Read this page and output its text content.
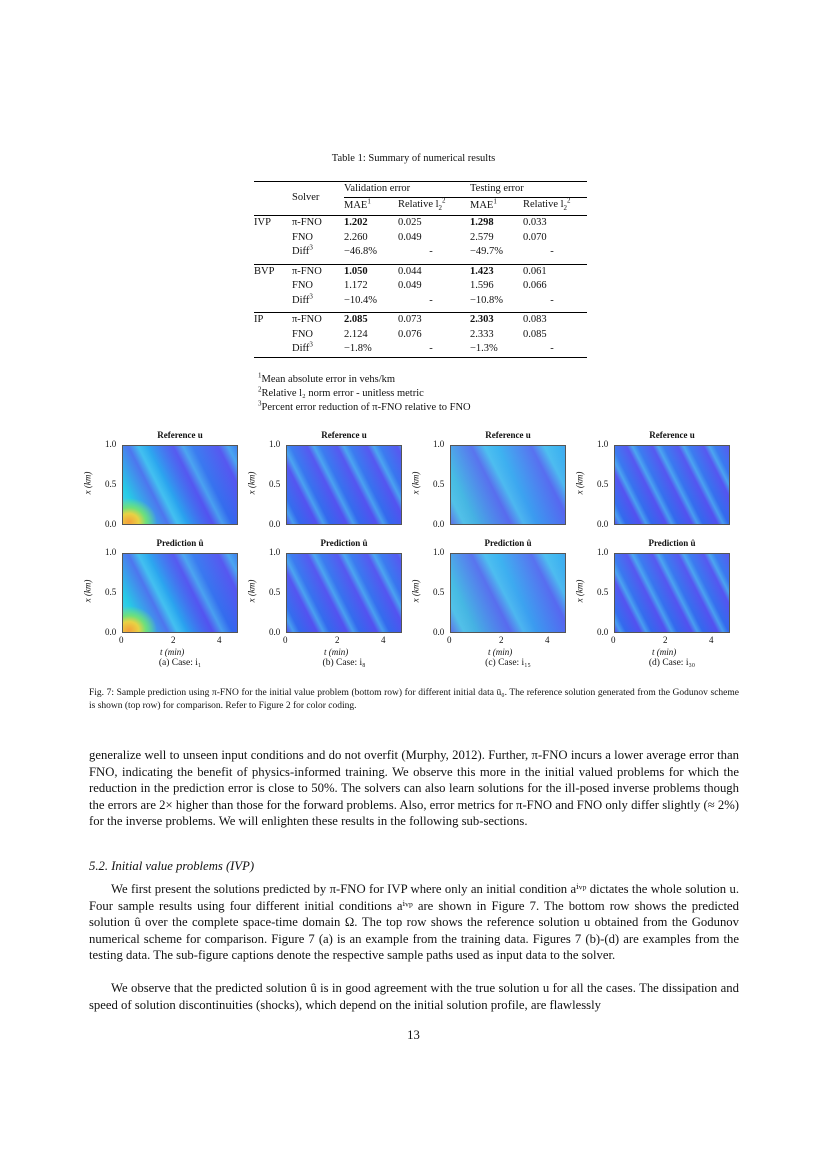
Table 1: Summary of numerical results
	Solver	Validation error		Testing error	
		MAE$^1$	Relative $l_2^2$	MAE$^1$	Relative $l_2^2$
IVP	π-FNO	1.202	0.025	1.298	0.033
	FNO	2.260	0.049	2.579	0.070
	Diff$^3$	−46.8%	-	−49.7%	-

BVP	π-FNO	1.050	0.044	1.423	0.061
	FNO	1.172	0.049	1.596	0.066
	Diff$^3$	−10.4%	-	−10.8%	-

IP	π-FNO	2.085	0.073	2.303	0.083
	FNO	2.124	0.076	2.333	0.085
	Diff$^3$	−1.8%	-	−1.3%	-
$^1$Mean absolute error in vehs/km
$^2$Relative l₂ norm error - unitless metric
$^3$Percent error reduction of π-FNO relative to FNO
Reference u
1.0
0.5
0.0
x (km)
Prediction û
1.0
0.5
0.0
x (km)
0	2	4
t (min)
(a) Case: i₁
Reference u
1.0
0.5
0.0
x (km)
Prediction û
1.0
0.5
0.0
x (km)
0	2	4
t (min)
(b) Case: i₈
Reference u
1.0
0.5
0.0
x (km)
Prediction û
1.0
0.5
0.0
x (km)
0	2	4
t (min)
(c) Case: i₁₅
Reference u
1.0
0.5
0.0
x (km)
Prediction û
1.0
0.5
0.0
x (km)
0	2	4
t (min)
(d) Case: i₃₀
Fig. 7: Sample prediction using π-FNO for the initial value problem (bottom row) for different initial data ū₀. The reference solution generated from the Godunov scheme is shown (top row) for comparison. Refer to Figure 2 for color coding.
generalize well to unseen input conditions and do not overfit (Murphy, 2012). Further, π-FNO incurs a lower average error than FNO, indicating the benefit of physics-informed training. We observe this more in the initial valued problems for which the reduction in the prediction error is close to 50%. The solvers can also learn solutions for the ill-posed inverse problems though the errors are 2× higher than those for the forward problems. Also, error metrics for π-FNO and FNO only differ slightly (≈ 2%) for the inverse problems. We will enlighten these results in the following sub-sections.
5.2. Initial value problems (IVP)
We first present the solutions predicted by π-FNO for IVP where only an initial condition aⁱᵛᵖ dictates the whole solution u. Four sample results using four different initial conditions aⁱᵛᵖ are shown in Figure 7. The bottom row shows the predicted solution û over the complete space-time domain Ω. The top row shows the reference solution u obtained from the Godunov numerical scheme for comparison. Figure 7 (a) is an example from the training data. Figures 7 (b)-(d) are examples from the testing data. The sub-figure captions denote the respective sample paths used as input data to the solver.
We observe that the predicted solution û is in good agreement with the true solution u for all the cases. The dissipation and speed of solution discontinuities (shocks), which depend on the initial solution profile, are flawlessly
13
